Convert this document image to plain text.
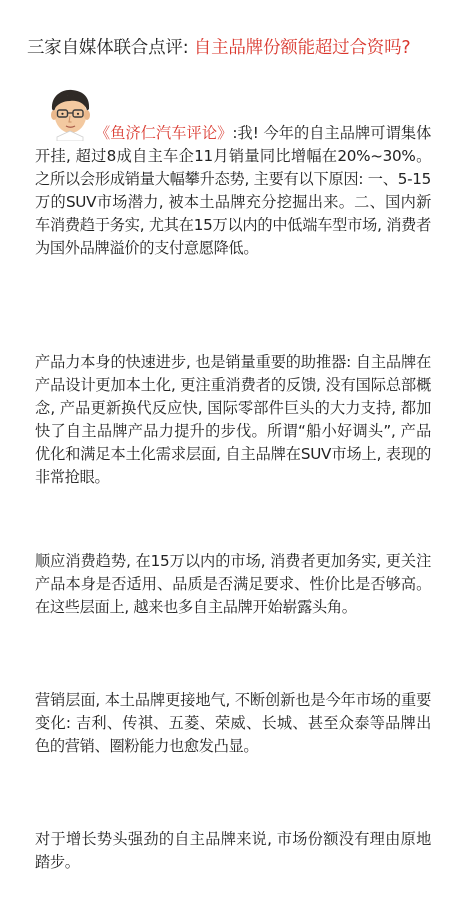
三家自媒体联合点评: 自主品牌份额能超过合资吗?

《鱼济仁汽车评论》:我! 今年的自主品牌可谓集体开挂, 超过8成自主车企11月销量同比增幅在20%~30%。之所以会形成销量大幅攀升态势, 主要有以下原因: 一、5-15万的SUV市场潜力, 被本土品牌充分挖掘出来。二、国内新车消费趋于务实, 尤其在15万以内的中低端车型市场, 消费者为国外品牌溢价的支付意愿降低。

产品力本身的快速进步, 也是销量重要的助推器: 自主品牌在产品设计更加本土化, 更注重消费者的反馈, 没有国际总部概念, 产品更新换代反应快, 国际零部件巨头的大力支持, 都加快了自主品牌产品力提升的步伐。所谓“船小好调头”, 产品优化和满足本土化需求层面, 自主品牌在SUV市场上, 表现的非常抢眼。

顺应消费趋势, 在15万以内的市场, 消费者更加务实, 更关注产品本身是否适用、品质是否满足要求、性价比是否够高。在这些层面上, 越来也多自主品牌开始崭露头角。

营销层面, 本土品牌更接地气, 不断创新也是今年市场的重要变化: 吉利、传祺、五菱、荣威、长城、甚至众泰等品牌出色的营销、圈粉能力也愈发凸显。

对于增长势头强劲的自主品牌来说, 市场份额没有理由原地踏步。
